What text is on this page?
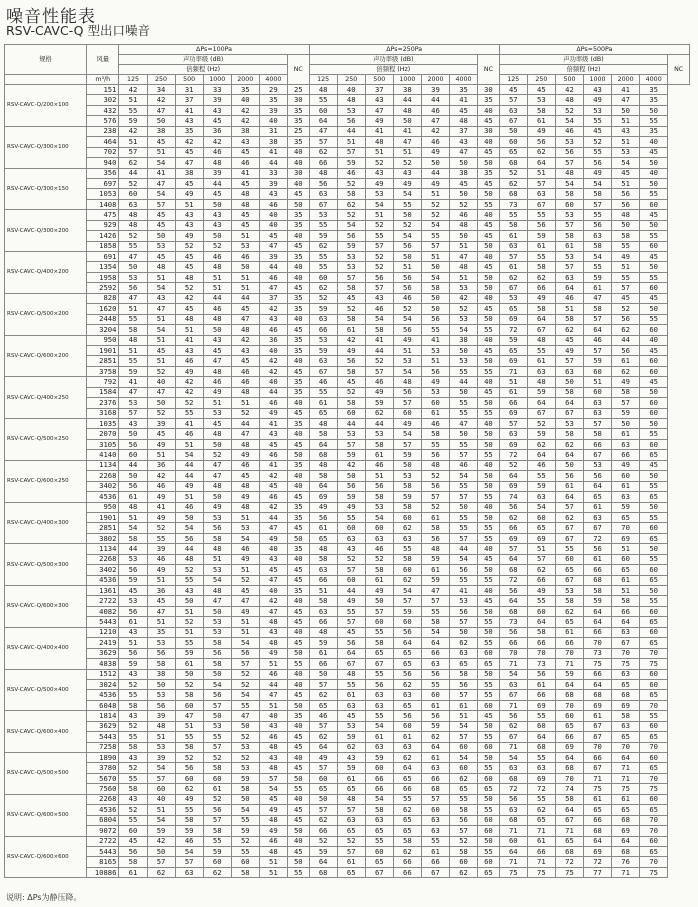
噪音性能表
RSV-CAVC-Q 型出口噪音
规格	风量	ΔPs=100Pa							ΔPs=250Pa							ΔPs=500Pa						
		声功率级 (dB)						NC	声功率级 (dB)						NC	声功率级 (dB)						NC
		倍频程 (Hz)							倍频程 (Hz)							倍频程 (Hz)						
	m³/h	125	250	500	1000	2000	4000		125	250	500	1000	2000	4000		125	250	500	1000	2000	4000	
RSV-CAVC-Q/200×100	151	42	34	31	33	35	29	25	48	40	37	38	39	35	30	45	45	42	43	41	35	
	302	51	42	37	39	40	35	30	55	48	43	44	44	41	35	57	53	48	49	47	35	
	432	55	47	41	43	42	39	35	60	53	47	48	46	45	40	63	58	52	53	50	50	
	576	59	50	43	45	42	40	35	64	56	49	50	47	48	45	67	61	54	55	51	55	
RSV-CAVC-Q/300×100	238	42	38	35	36	38	31	25	47	44	41	41	42	37	30	50	49	46	45	43	35	
	464	51	45	42	42	43	38	35	57	51	48	47	46	43	40	60	56	53	52	51	40	
	702	57	51	45	46	45	41	40	62	57	51	51	49	47	45	65	62	56	55	53	45	
	940	62	54	47	48	46	44	40	66	59	52	52	50	50	50	68	64	57	56	54	50	
RSV-CAVC-Q/300×150	356	44	41	38	39	41	33	30	48	46	43	43	44	38	35	52	51	48	49	45	40	
	697	52	47	45	44	45	39	40	56	52	49	49	49	45	45	62	57	54	54	51	50	
	1053	60	54	49	45	48	43	45	63	58	53	54	51	50	50	68	63	58	58	56	55	
	1408	63	57	51	50	48	46	50	67	62	54	55	52	52	55	73	67	60	57	56	60	
RSV-CAVC-Q/300×200	475	48	45	43	43	45	40	35	53	52	51	50	52	46	40	55	55	53	55	48	45	
	929	48	45	43	43	45	40	35	55	54	52	52	54	48	45	58	56	57	56	50	50	
	1426	52	50	49	50	51	45	40	59	56	55	54	55	50	45	61	59	58	63	58	55	
	1858	55	53	52	52	53	47	45	62	59	57	56	57	51	50	63	61	61	58	55	60	
RSV-CAVC-Q/400×200	691	47	45	45	46	46	39	35	55	53	52	50	51	47	40	57	55	53	54	49	45	
	1354	50	48	45	48	50	44	40	55	53	52	51	50	48	45	61	58	57	55	51	50	
	1958	53	51	48	51	51	46	40	60	57	56	56	54	51	50	62	62	63	59	55	55	
	2592	56	54	52	51	51	47	45	62	58	57	56	58	53	50	67	66	64	61	57	60	
RSV-CAVC-Q/500×200	828	47	43	42	44	44	37	35	52	45	43	46	50	42	40	53	49	46	47	45	45	
	1620	51	47	45	46	45	42	35	59	52	46	52	50	52	45	65	58	51	58	52	50	
	2448	55	51	48	48	47	43	40	63	58	54	54	56	53	50	69	64	58	57	56	55	
	3204	58	54	51	50	48	46	45	66	61	58	56	55	54	55	72	67	62	64	62	60	
RSV-CAVC-Q/600×200	950	48	51	41	43	42	36	35	53	42	41	49	41	38	40	59	48	45	46	44	40	
	1901	51	45	43	45	43	40	35	59	49	44	51	53	50	45	65	55	49	57	56	45	
	2851	55	51	46	47	45	42	40	63	56	52	53	51	53	50	69	61	57	59	61	60	
	3758	59	52	49	48	46	42	45	67	58	57	54	56	55	55	71	63	63	60	62	60	
RSV-CAVC-Q/400×250	792	41	40	42	46	46	40	35	46	45	46	48	49	44	40	51	48	50	51	49	45	
	1584	47	47	42	49	48	44	35	55	52	49	56	53	50	45	61	59	58	60	58	50	
	2376	53	50	52	51	51	46	40	61	58	59	57	60	55	50	66	64	64	63	57	60	
	3168	57	52	55	53	52	49	45	65	60	62	60	61	55	55	69	67	67	63	59	60	
RSV-CAVC-Q/500×250	1035	43	39	41	45	44	41	35	48	44	44	49	46	47	40	57	52	53	57	50	50	
	2070	50	45	46	48	47	43	40	58	53	53	54	58	50	50	63	59	58	58	61	55	
	3105	56	49	51	50	48	45	45	64	57	58	57	55	55	50	69	62	62	66	63	60	
	4140	60	51	54	52	49	46	50	68	59	61	59	56	57	55	72	64	64	67	66	65	
RSV-CAVC-Q/600×250	1134	44	36	44	47	46	41	35	48	42	46	50	48	46	40	52	46	50	53	49	45	
	2268	50	42	44	47	45	42	40	58	50	51	53	52	54	50	64	55	56	56	60	50	
	3402	56	46	49	48	48	45	40	64	56	56	58	56	55	50	69	59	61	64	61	55	
	4536	61	49	51	50	49	46	45	69	59	58	59	57	57	55	74	63	64	65	63	65	
RSV-CAVC-Q/400×300	950	48	41	46	49	48	42	35	49	49	53	58	52	50	40	56	54	57	61	59	50	
	1901	51	49	50	53	51	44	35	56	55	54	60	61	55	50	62	60	62	63	65	55	
	2851	54	52	54	56	53	47	45	61	60	60	62	58	55	55	66	65	67	67	70	60	
	3802	58	55	56	58	54	49	50	65	63	63	63	56	57	55	69	69	67	72	69	65	
RSV-CAVC-Q/500×300	1134	44	39	44	48	46	40	35	48	43	46	55	48	44	40	57	51	55	56	51	50	
	2268	53	46	48	51	49	43	40	58	52	52	58	59	54	45	64	57	60	61	60	55	
	3402	56	49	52	53	51	45	45	63	57	58	60	61	56	50	68	62	65	66	65	60	
	4536	59	51	55	54	52	47	45	66	60	61	62	59	55	55	72	66	67	68	61	65	
RSV-CAVC-Q/600×300	1361	45	36	43	48	45	40	35	51	44	49	54	47	41	40	56	49	53	58	51	50	
	2722	53	45	50	47	47	42	40	58	49	50	57	57	53	45	64	55	58	59	58	55	
	4082	56	47	51	50	49	47	45	63	55	57	59	55	56	50	68	60	62	64	66	60	
	5443	61	51	52	53	51	48	45	66	57	60	60	58	57	55	73	64	65	64	64	65	
RSV-CAVC-Q/400×400	1210	43	35	51	53	51	43	40	48	45	55	56	54	50	50	56	58	61	66	63	60	
	2419	51	53	55	58	54	48	45	59	56	58	64	64	62	55	66	66	66	70	67	65	
	3629	56	56	59	56	56	49	50	61	64	65	65	66	63	60	70	70	70	73	70	70	
	4838	59	58	61	58	57	51	55	66	67	67	65	63	65	65	71	73	71	75	75	75	
RSV-CAVC-Q/500×400	1512	43	38	50	50	52	46	40	50	48	55	56	56	58	50	54	56	59	66	63	60	
	3024	52	50	52	54	52	44	40	57	55	56	62	55	56	55	63	61	64	64	65	60	
	4536	55	53	58	56	54	47	45	62	61	63	63	60	57	55	67	66	68	68	68	65	
	6048	58	56	60	57	55	51	50	65	63	63	65	61	61	60	71	69	70	69	69	70	
RSV-CAVC-Q/600×400	1814	43	39	47	50	47	40	35	46	45	55	56	56	51	45	56	55	60	61	58	55	
	3629	52	48	51	53	50	43	40	57	53	54	60	59	54	50	62	60	65	67	63	60	
	5443	55	51	55	55	52	46	45	62	59	61	61	62	57	55	67	64	66	67	65	65	
	7258	58	53	58	57	53	48	45	64	62	63	63	64	60	60	71	68	69	70	70	70	
RSV-CAVC-Q/500×500	1890	43	39	52	52	52	43	40	49	43	59	62	61	54	50	54	55	64	66	64	60	
	3780	52	54	56	58	53	48	45	57	59	60	64	63	60	55	63	63	68	67	71	65	
	5670	55	57	60	60	59	57	50	60	61	66	65	66	62	60	68	69	70	71	71	70	
	7560	58	60	62	61	58	54	55	65	65	66	66	68	65	65	72	72	74	75	75	75	
RSV-CAVC-Q/600×500	2268	43	40	49	52	50	45	40	50	48	54	55	57	55	50	56	55	58	61	61	60	
	4536	52	51	55	56	54	49	45	57	57	58	62	60	58	55	63	62	64	65	65	65	
	6804	55	54	58	57	55	48	45	62	63	63	65	63	56	60	68	65	67	66	68	70	
	9072	60	59	59	58	59	49	50	66	65	65	65	63	57	60	71	71	71	68	69	70	
RSV-CAVC-Q/600×600	2722	45	42	46	55	52	46	40	52	52	55	58	55	52	50	60	61	65	64	64	60	
	5443	56	50	54	59	55	48	45	59	57	60	62	61	58	55	64	66	68	69	68	65	
	8165	58	57	57	60	60	51	50	64	61	65	66	66	60	60	71	71	72	72	76	70	
	10886	61	62	63	62	58	51	55	68	65	67	66	67	62	65	75	75	75	77	71	75	
说明: ΔPs为静压降。
